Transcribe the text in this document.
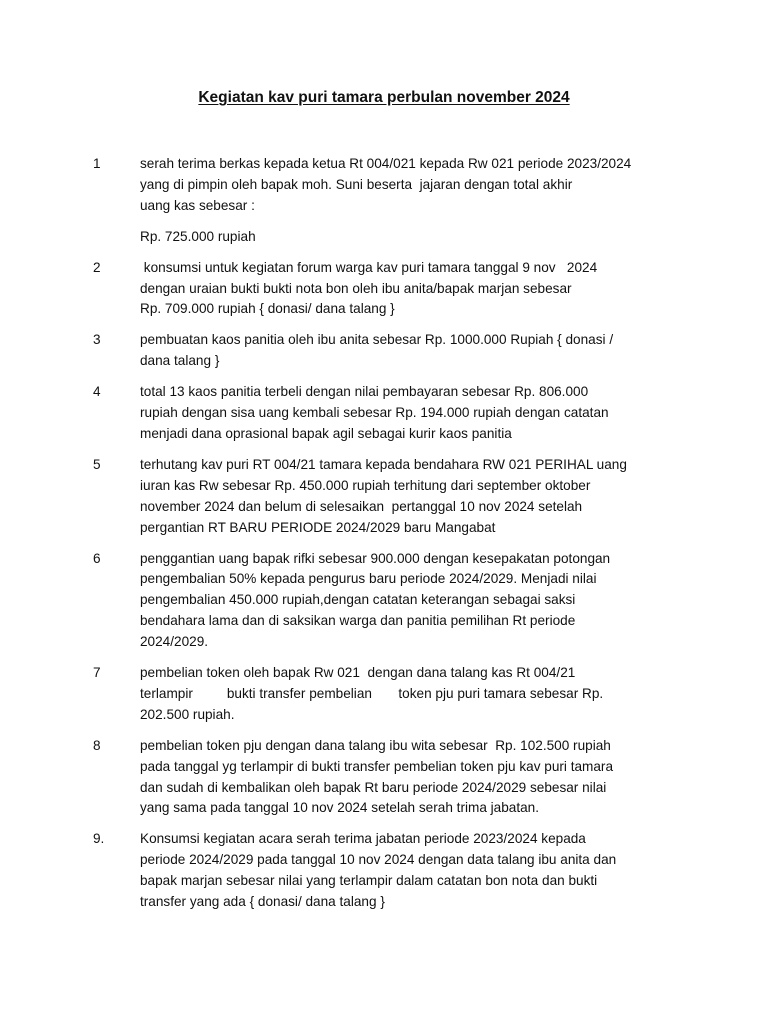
Kegiatan kav puri tamara perbulan november 2024
1	serah terima berkas kepada ketua Rt 004/021 kepada Rw 021 periode 2023/2024
yang di pimpin oleh bapak moh. Suni beserta  jajaran dengan total akhir
uang kas sebesar :
Rp. 725.000 rupiah
2	konsumsi untuk kegiatan forum warga kav puri tamara tanggal 9 nov   2024
dengan uraian bukti bukti nota bon oleh ibu anita/bapak marjan sebesar
Rp. 709.000 rupiah { donasi/ dana talang }
3	pembuatan kaos panitia oleh ibu anita sebesar Rp. 1000.000 Rupiah { donasi /
dana talang }
4	total 13 kaos panitia terbeli dengan nilai pembayaran sebesar Rp. 806.000
rupiah dengan sisa uang kembali sebesar Rp. 194.000 rupiah dengan catatan
menjadi dana oprasional bapak agil sebagai kurir kaos panitia
5	terhutang kav puri RT 004/21 tamara kepada bendahara RW 021 PERIHAL uang
iuran kas Rw sebesar Rp. 450.000 rupiah terhitung dari september oktober
november 2024 dan belum di selesaikan  pertanggal 10 nov 2024 setelah
pergantian RT BARU PERIODE 2024/2029 baru Mangabat
6	penggantian uang bapak rifki sebesar 900.000 dengan kesepakatan potongan
pengembalian 50% kepada pengurus baru periode 2024/2029. Menjadi nilai
pengembalian 450.000 rupiah,dengan catatan keterangan sebagai saksi
bendahara lama dan di saksikan warga dan panitia pemilihan Rt periode
2024/2029.
7	pembelian token oleh bapak Rw 021  dengan dana talang kas Rt 004/21
terlampir         bukti transfer pembelian       token pju puri tamara sebesar Rp.
202.500 rupiah.
8	pembelian token pju dengan dana talang ibu wita sebesar  Rp. 102.500 rupiah
pada tanggal yg terlampir di bukti transfer pembelian token pju kav puri tamara
dan sudah di kembalikan oleh bapak Rt baru periode 2024/2029 sebesar nilai
yang sama pada tanggal 10 nov 2024 setelah serah trima jabatan.
9.	Konsumsi kegiatan acara serah terima jabatan periode 2023/2024 kepada
periode 2024/2029 pada tanggal 10 nov 2024 dengan data talang ibu anita dan
bapak marjan sebesar nilai yang terlampir dalam catatan bon nota dan bukti
transfer yang ada { donasi/ dana talang }
